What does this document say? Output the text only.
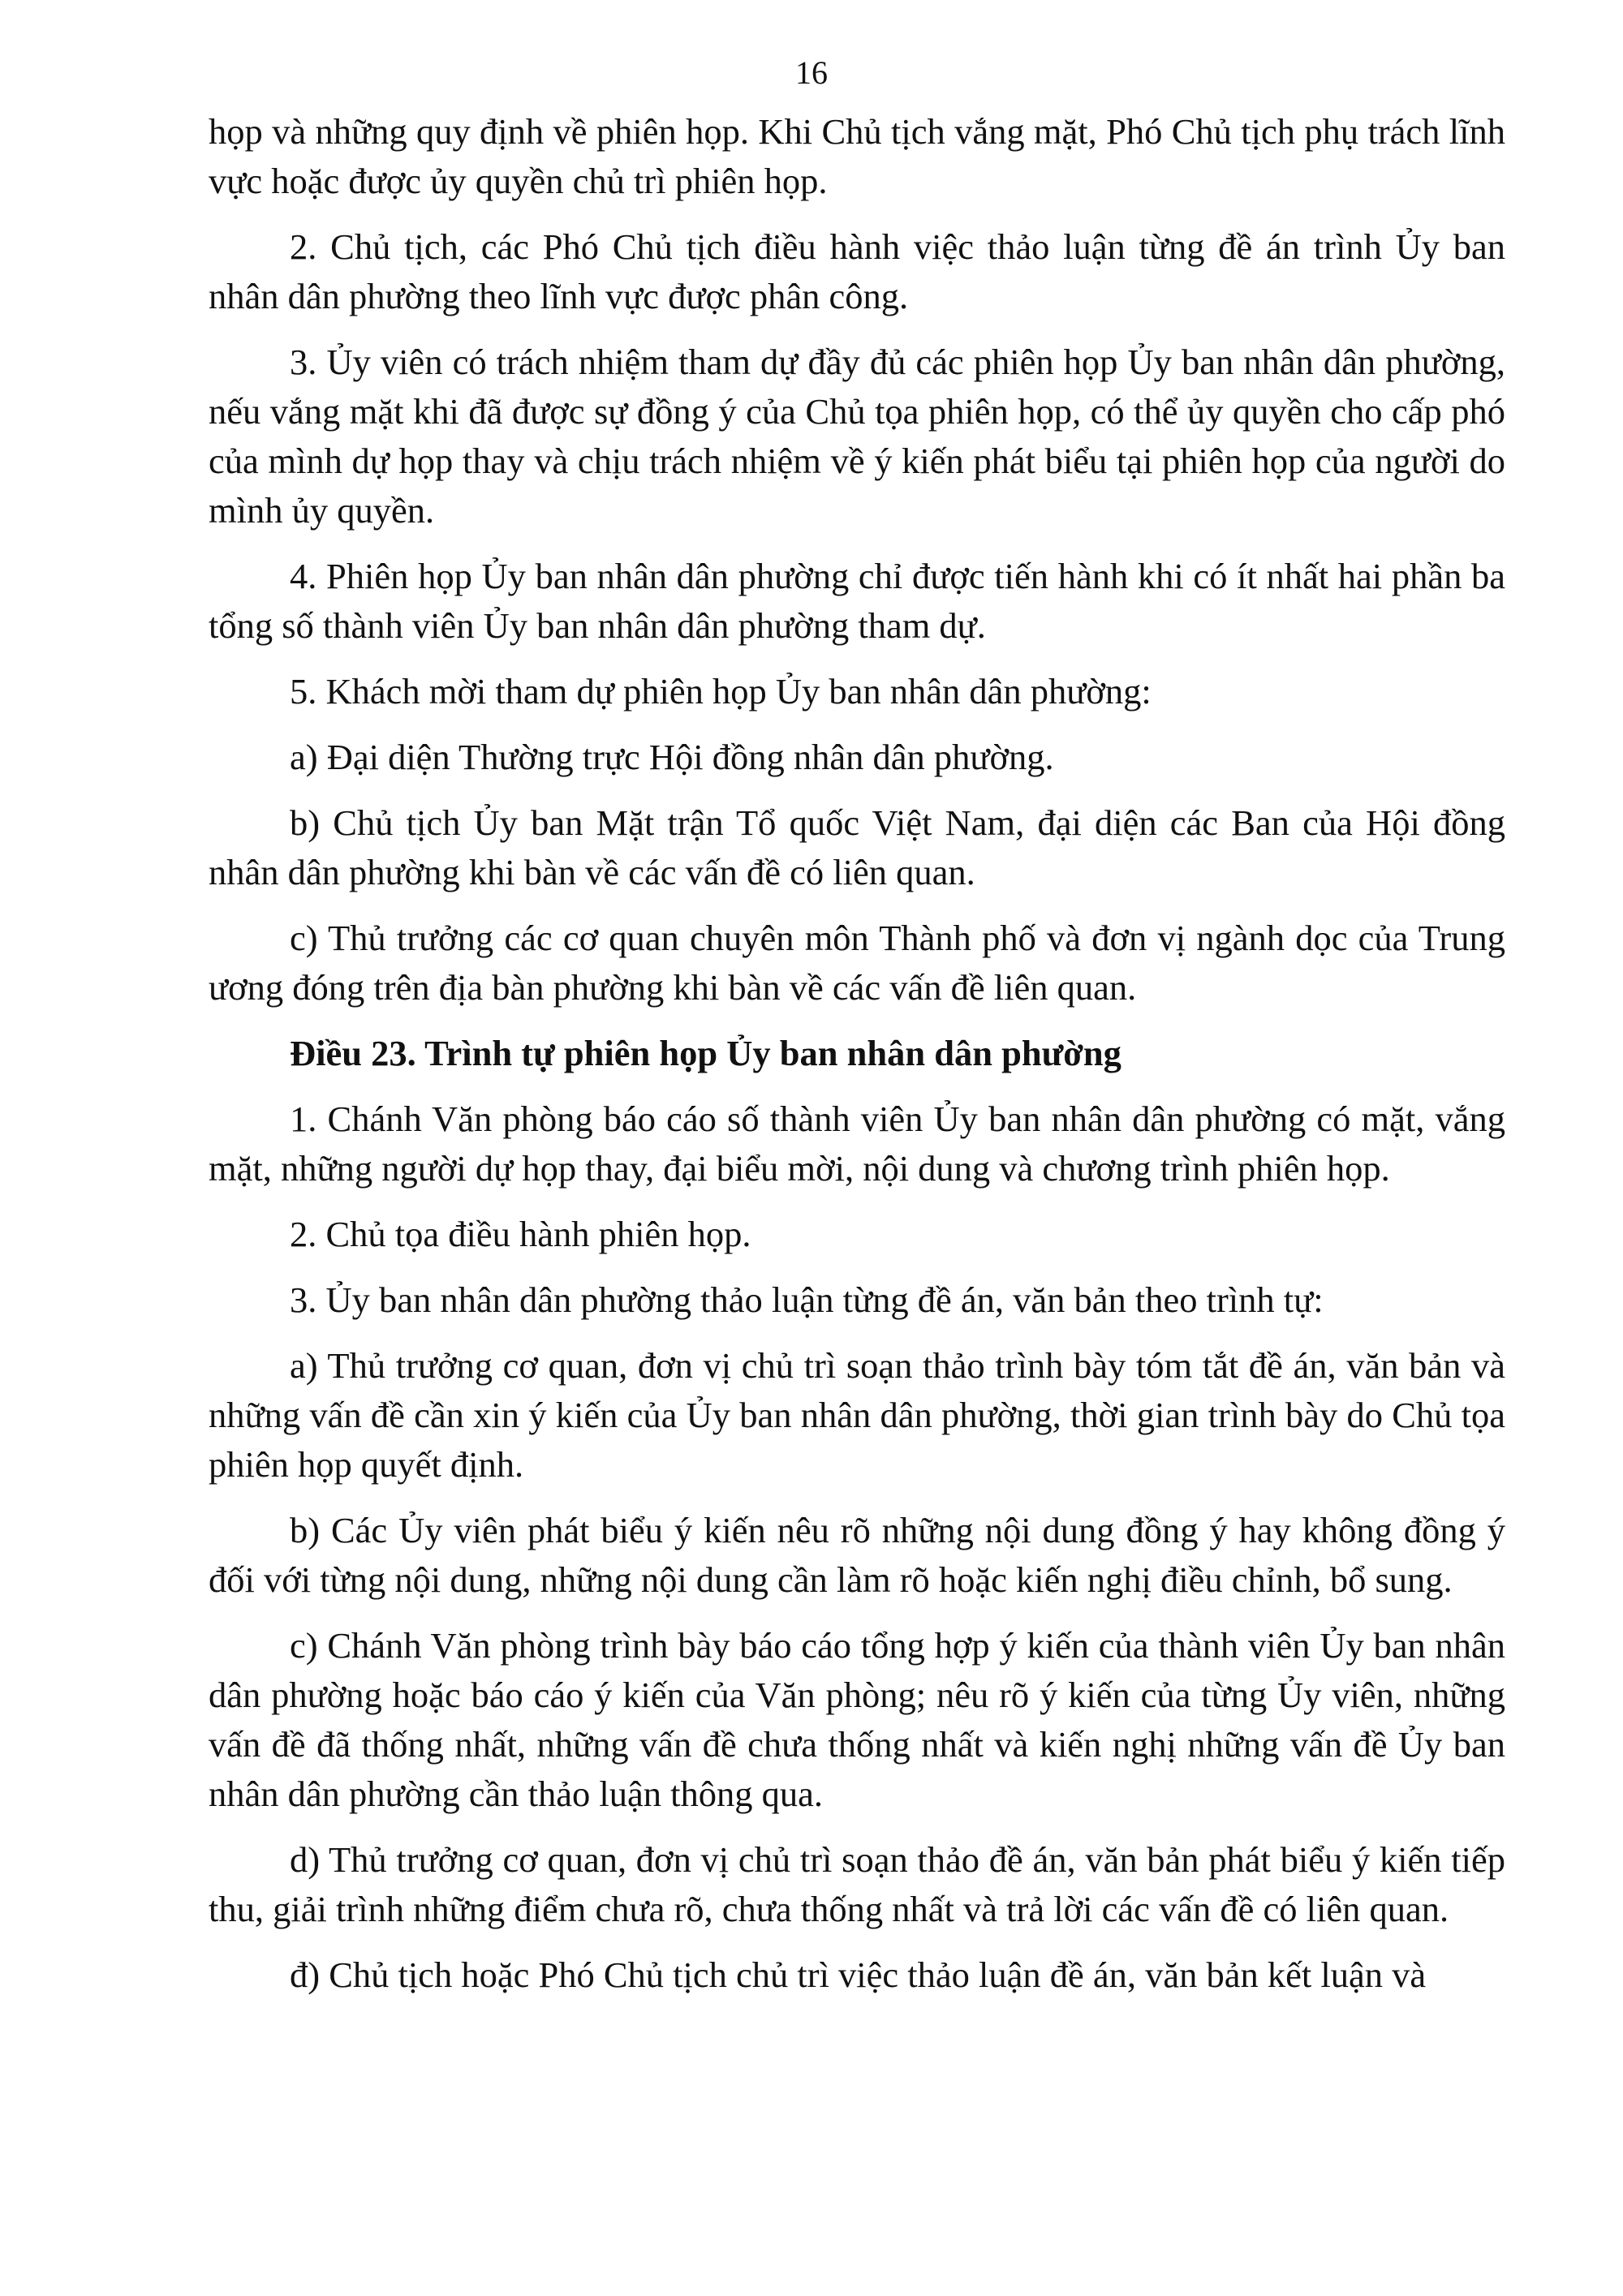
16

họp và những quy định về phiên họp. Khi Chủ tịch vắng mặt, Phó Chủ tịch phụ trách lĩnh vực hoặc được ủy quyền chủ trì phiên họp.

2. Chủ tịch, các Phó Chủ tịch điều hành việc thảo luận từng đề án trình Ủy ban nhân dân phường theo lĩnh vực được phân công.

3. Ủy viên có trách nhiệm tham dự đầy đủ các phiên họp Ủy ban nhân dân phường, nếu vắng mặt khi đã được sự đồng ý của Chủ tọa phiên họp, có thể ủy quyền cho cấp phó của mình dự họp thay và chịu trách nhiệm về ý kiến phát biểu tại phiên họp của người do mình ủy quyền.

4. Phiên họp Ủy ban nhân dân phường chỉ được tiến hành khi có ít nhất hai phần ba tổng số thành viên Ủy ban nhân dân phường tham dự.

5. Khách mời tham dự phiên họp Ủy ban nhân dân phường:

a) Đại diện Thường trực Hội đồng nhân dân phường.

b) Chủ tịch Ủy ban Mặt trận Tổ quốc Việt Nam, đại diện các Ban của Hội đồng nhân dân phường khi bàn về các vấn đề có liên quan.

c) Thủ trưởng các cơ quan chuyên môn Thành phố và đơn vị ngành dọc của Trung ương đóng trên địa bàn phường khi bàn về các vấn đề liên quan.

Điều 23. Trình tự phiên họp Ủy ban nhân dân phường

1. Chánh Văn phòng báo cáo số thành viên Ủy ban nhân dân phường có mặt, vắng mặt, những người dự họp thay, đại biểu mời, nội dung và chương trình phiên họp.

2. Chủ tọa điều hành phiên họp.

3. Ủy ban nhân dân phường thảo luận từng đề án, văn bản theo trình tự:

a) Thủ trưởng cơ quan, đơn vị chủ trì soạn thảo trình bày tóm tắt đề án, văn bản và những vấn đề cần xin ý kiến của Ủy ban nhân dân phường, thời gian trình bày do Chủ tọa phiên họp quyết định.

b) Các Ủy viên phát biểu ý kiến nêu rõ những nội dung đồng ý hay không đồng ý đối với từng nội dung, những nội dung cần làm rõ hoặc kiến nghị điều chỉnh, bổ sung.

c) Chánh Văn phòng trình bày báo cáo tổng hợp ý kiến của thành viên Ủy ban nhân dân phường hoặc báo cáo ý kiến của Văn phòng; nêu rõ ý kiến của từng Ủy viên, những vấn đề đã thống nhất, những vấn đề chưa thống nhất và kiến nghị những vấn đề Ủy ban nhân dân phường cần thảo luận thông qua.

d) Thủ trưởng cơ quan, đơn vị chủ trì soạn thảo đề án, văn bản phát biểu ý kiến tiếp thu, giải trình những điểm chưa rõ, chưa thống nhất và trả lời các vấn đề có liên quan.

đ) Chủ tịch hoặc Phó Chủ tịch chủ trì việc thảo luận đề án, văn bản kết luận và
